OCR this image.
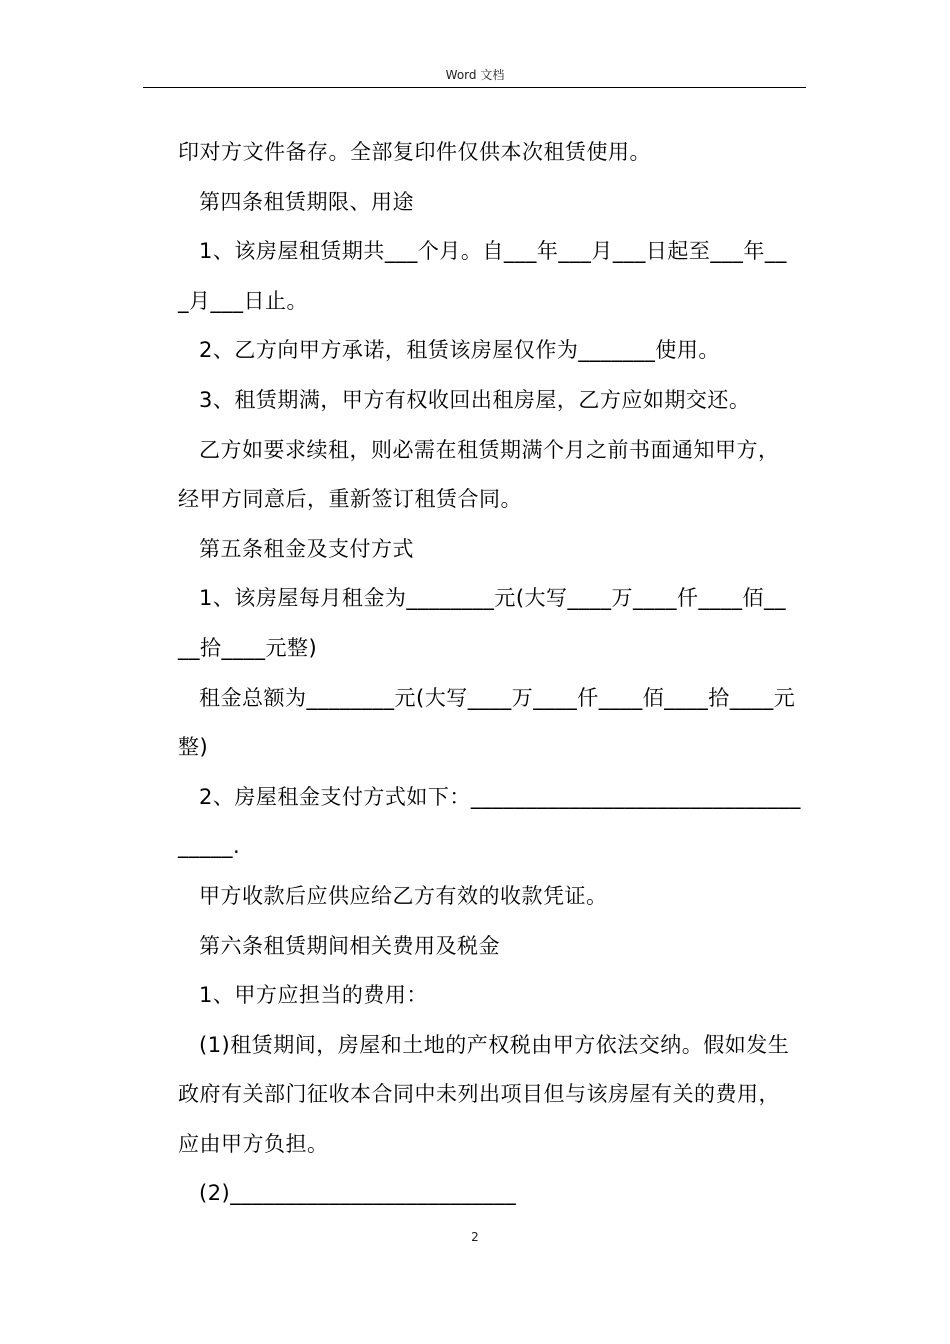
Word 文档
印对方文件备存。全部复印件仅供本次租赁使用。
第四条租赁期限、用途
1、该房屋租赁期共___个月。自___年___月___日起至___年__
_月___日止。
2、乙方向甲方承诺，租赁该房屋仅作为_______使用。
3、租赁期满，甲方有权收回出租房屋，乙方应如期交还。
乙方如要求续租，则必需在租赁期满个月之前书面通知甲方，
经甲方同意后，重新签订租赁合同。
第五条租金及支付方式
1、该房屋每月租金为________元(大写____万____仟____佰__
__拾____元整)
租金总额为________元(大写____万____仟____佰____拾____元
整)
2、房屋租金支付方式如下：______________________________
_____.
甲方收款后应供应给乙方有效的收款凭证。
第六条租赁期间相关费用及税金
1、甲方应担当的费用：
(1)租赁期间，房屋和土地的产权税由甲方依法交纳。假如发生
政府有关部门征收本合同中未列出项目但与该房屋有关的费用，
应由甲方负担。
(2)__________________________
2
